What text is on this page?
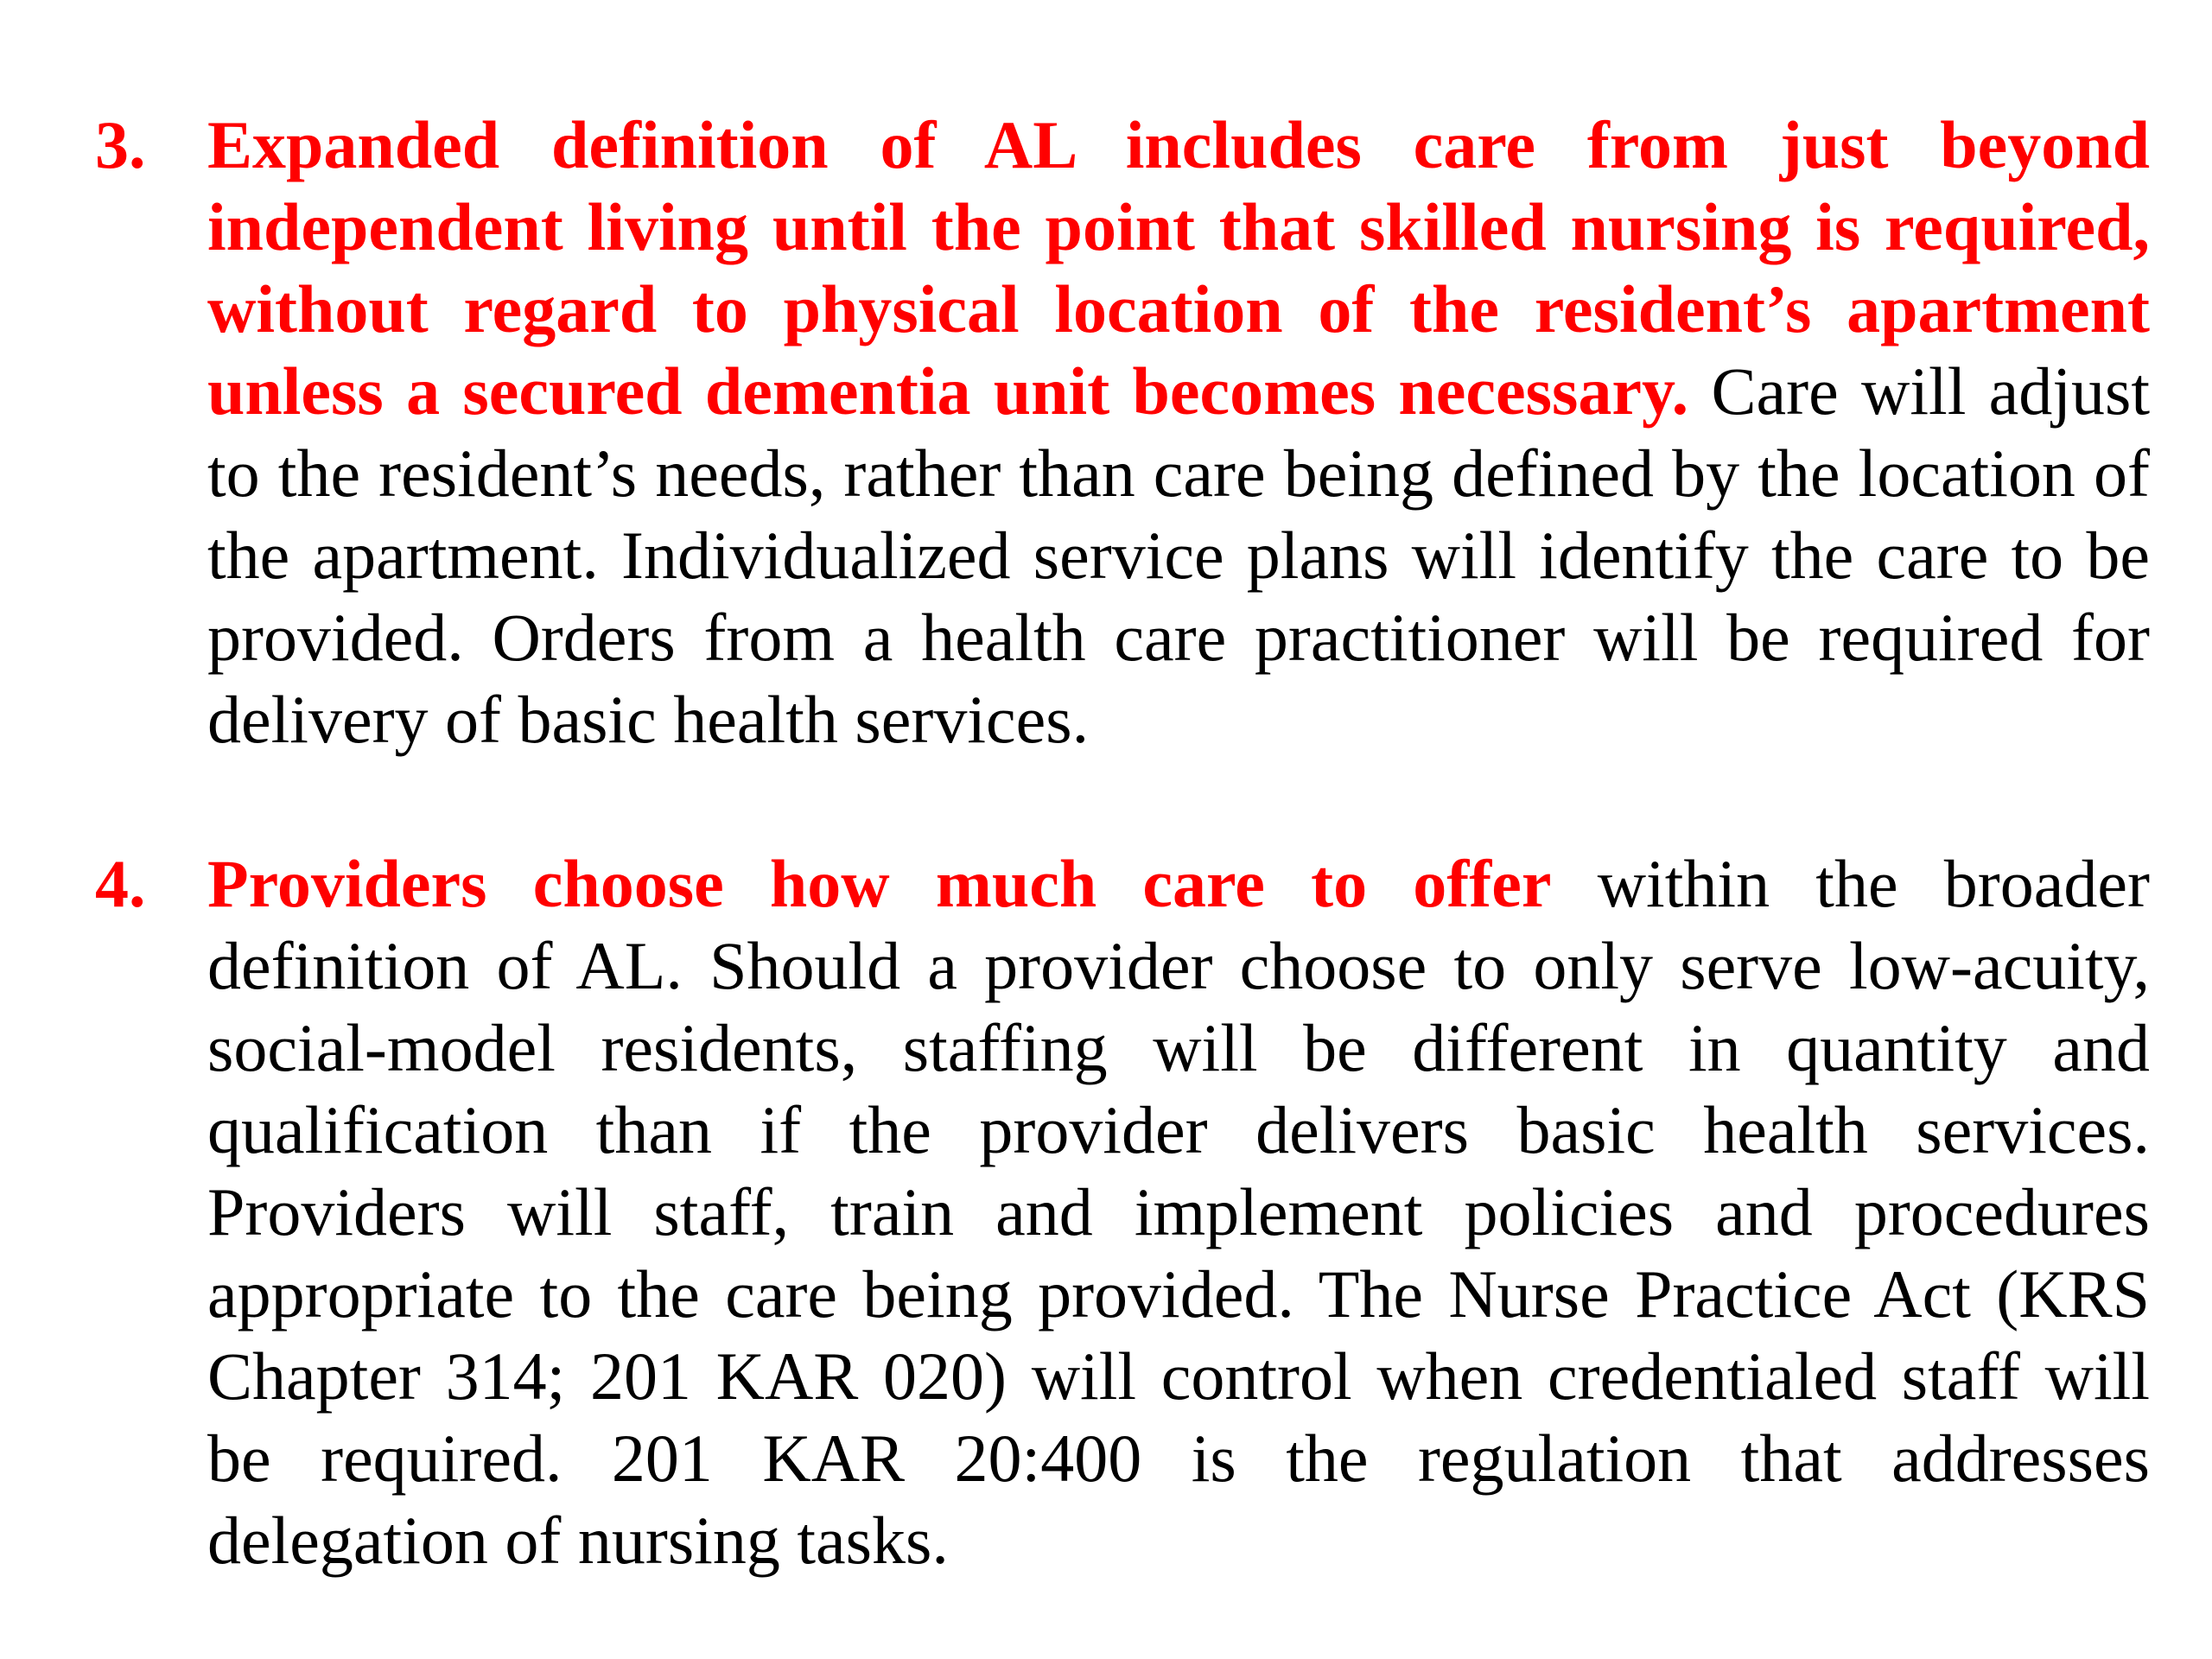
3. Expanded definition of AL includes care from just beyond independent living until the point that skilled nursing is required, without regard to physical location of the resident’s apartment unless a secured dementia unit becomes necessary. Care will adjust to the resident’s needs, rather than care being defined by the location of the apartment. Individualized service plans will identify the care to be provided. Orders from a health care practitioner will be required for delivery of basic health services.
4. Providers choose how much care to offer within the broader definition of AL. Should a provider choose to only serve low-acuity, social-model residents, staffing will be different in quantity and qualification than if the provider delivers basic health services. Providers will staff, train and implement policies and procedures appropriate to the care being provided. The Nurse Practice Act (KRS Chapter 314; 201 KAR 020) will control when credentialed staff will be required. 201 KAR 20:400 is the regulation that addresses delegation of nursing tasks.
